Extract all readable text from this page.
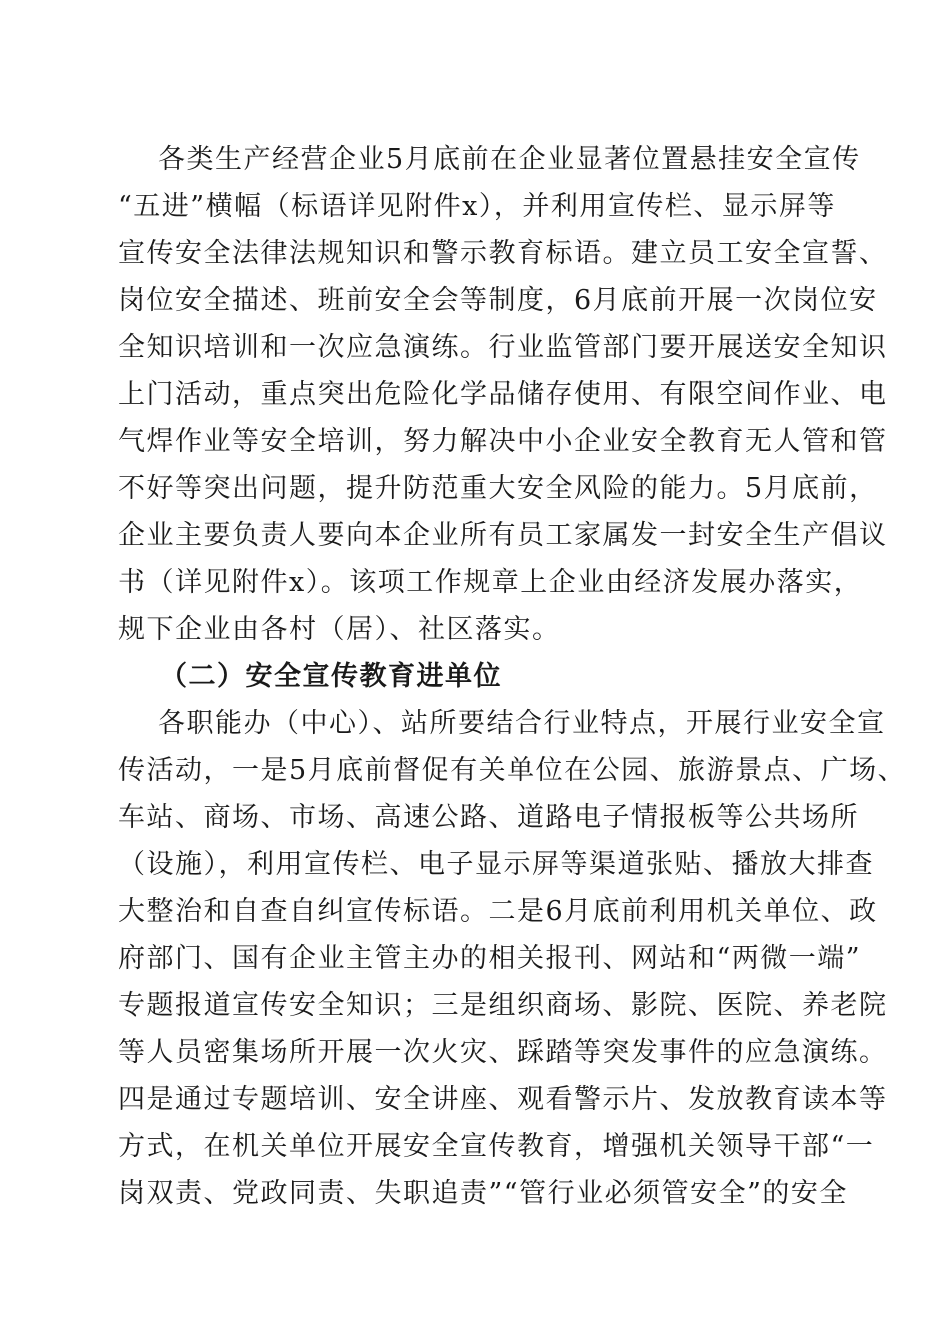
各类生产经营企业5月底前在企业显著位置悬挂安全宣传
“五进”横幅（标语详见附件x），并利用宣传栏、显示屏等
宣传安全法律法规知识和警示教育标语。建立员工安全宣誓、
岗位安全描述、班前安全会等制度，6月底前开展一次岗位安
全知识培训和一次应急演练。行业监管部门要开展送安全知识
上门活动，重点突出危险化学品储存使用、有限空间作业、电
气焊作业等安全培训，努力解决中小企业安全教育无人管和管
不好等突出问题，提升防范重大安全风险的能力。5月底前，
企业主要负责人要向本企业所有员工家属发一封安全生产倡议
书（详见附件x）。该项工作规章上企业由经济发展办落实，
规下企业由各村（居）、社区落实。
（二）安全宣传教育进单位
各职能办（中心）、站所要结合行业特点，开展行业安全宣
传活动，一是5月底前督促有关单位在公园、旅游景点、广场、
车站、商场、市场、高速公路、道路电子情报板等公共场所
（设施），利用宣传栏、电子显示屏等渠道张贴、播放大排查
大整治和自查自纠宣传标语。二是6月底前利用机关单位、政
府部门、国有企业主管主办的相关报刊、网站和“两微一端”
专题报道宣传安全知识；三是组织商场、影院、医院、养老院
等人员密集场所开展一次火灾、踩踏等突发事件的应急演练。
四是通过专题培训、安全讲座、观看警示片、发放教育读本等
方式，在机关单位开展安全宣传教育，增强机关领导干部“一
岗双责、党政同责、失职追责”“管行业必须管安全”的安全
